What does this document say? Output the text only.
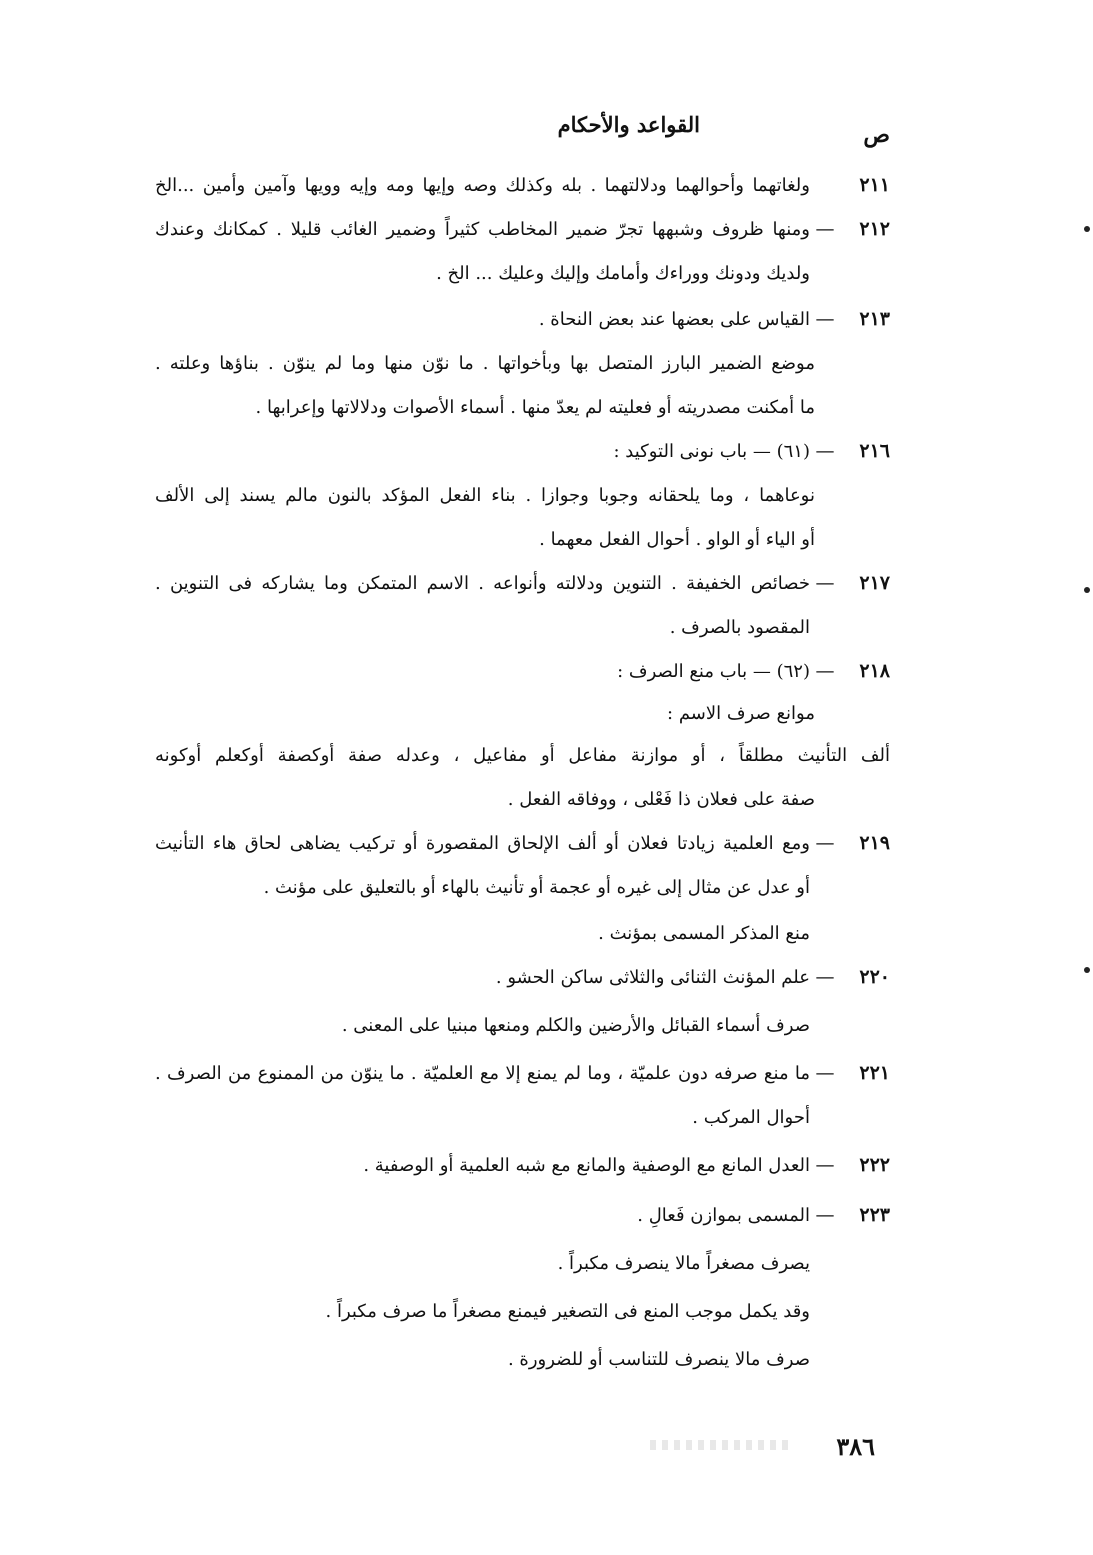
ص
القواعد والأحكام
٢١١
ولغاتهما وأحوالهما ودلالتهما . بله وكذلك وصه وإيها ومه وإيه وويها وآمين وأمين ...الخ
٢١٢
—
ومنها ظروف وشبهها تجرّ ضمير المخاطب كثيراً وضمير الغائب قليلا . كمكانك وعندك
ولديك ودونك ووراءك وأمامك وإليك وعليك ... الخ .
٢١٣
—
القياس على بعضها عند بعض النحاة .
موضع الضمير البارز المتصل بها وبأخواتها . ما نوّن منها وما لم ينوّن . بناؤها وعلته .
ما أمكنت مصدريته أو فعليته لم يعدّ منها . أسماء الأصوات ودلالاتها وإعرابها .
٢١٦
—
(٦١) — باب نونى التوكيد :
نوعاهما ، وما يلحقانه وجوبا وجوازا . بناء الفعل المؤكد بالنون مالم يسند إلى الألف
أو الياء أو الواو . أحوال الفعل معهما .
٢١٧
—
خصائص الخفيفة . التنوين ودلالته وأنواعه . الاسم المتمكن وما يشاركه فى التنوين .
المقصود بالصرف .
٢١٨
—
(٦٢) — باب منع الصرف :
موانع صرف الاسم :
ألف التأنيث مطلقاً ، أو موازنة مفاعل أو مفاعيل ، وعدله صفة أوكصفة أوكعلم أوكونه
صفة على فعلان ذا فَعْلى ، ووفاقه الفعل .
٢١٩
—
ومع العلمية زيادتا فعلان أو ألف الإلحاق المقصورة أو تركيب يضاهى لحاق هاء التأنيث
أو عدل عن مثال إلى غيره أو عجمة أو تأنيث بالهاء أو بالتعليق على مؤنث .
منع المذكر المسمى بمؤنث .
٢٢٠
—
علم المؤنث الثنائى والثلاثى ساكن الحشو .
صرف أسماء القبائل والأرضين والكلم ومنعها مبنيا على المعنى .
٢٢١
—
ما منع صرفه دون علميّة ، وما لم يمنع إلا مع العلميّة . ما ينوّن من الممنوع من الصرف .
أحوال المركب .
٢٢٢
—
العدل المانع مع الوصفية والمانع مع شبه العلمية أو الوصفية .
٢٢٣
—
المسمى بموازن فَعالِ .
يصرف مصغراً مالا ينصرف مكبراً .
وقد يكمل موجب المنع فى التصغير فيمنع مصغراً ما صرف مكبراً .
صرف مالا ينصرف للتناسب أو للضرورة .
٣٨٦
